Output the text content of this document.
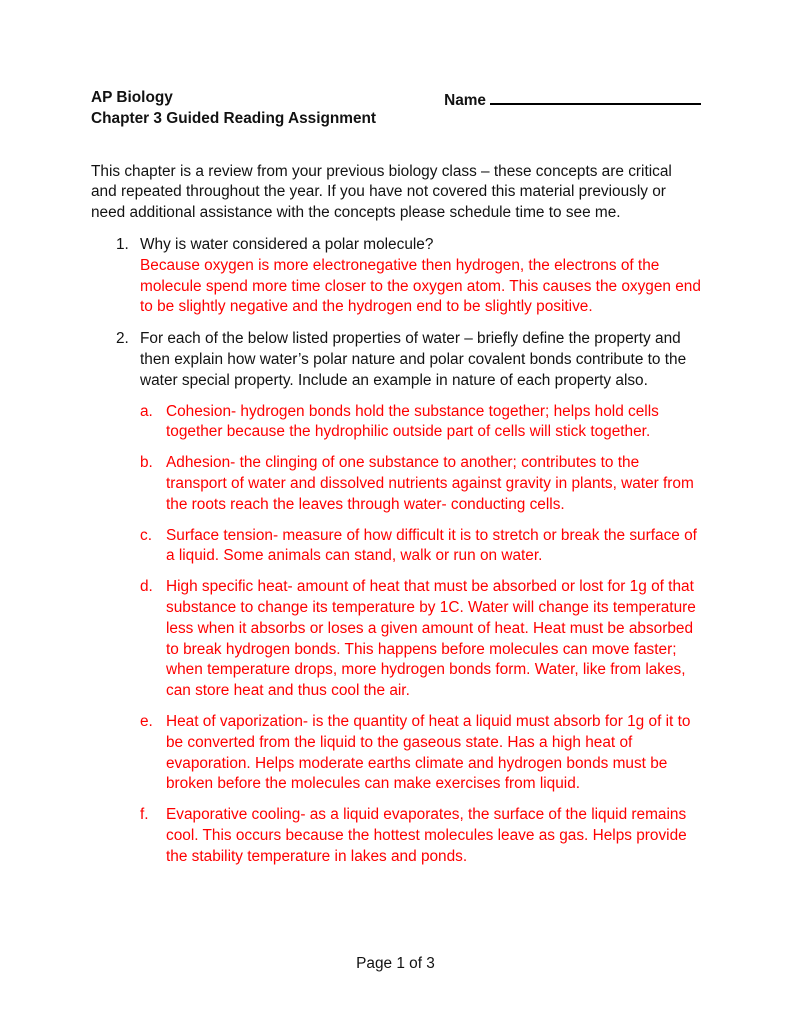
AP Biology
Chapter 3 Guided Reading Assignment
Name
This chapter is a review from your previous biology class – these concepts are critical and repeated throughout the year. If you have not covered this material previously or need additional assistance with the concepts please schedule time to see me.
1. Why is water considered a polar molecule?
Because oxygen is more electronegative then hydrogen, the electrons of the molecule spend more time closer to the oxygen atom. This causes the oxygen end to be slightly negative and the hydrogen end to be slightly positive.
2. For each of the below listed properties of water – briefly define the property and then explain how water’s polar nature and polar covalent bonds contribute to the water special property. Include an example in nature of each property also.
a. Cohesion- hydrogen bonds hold the substance together; helps hold cells together because the hydrophilic outside part of cells will stick together.
b. Adhesion- the clinging of one substance to another; contributes to the transport of water and dissolved nutrients against gravity in plants, water from the roots reach the leaves through water- conducting cells.
c. Surface tension- measure of how difficult it is to stretch or break the surface of a liquid. Some animals can stand, walk or run on water.
d. High specific heat- amount of heat that must be absorbed or lost for 1g of that substance to change its temperature by 1C. Water will change its temperature less when it absorbs or loses a given amount of heat. Heat must be absorbed to break hydrogen bonds. This happens before molecules can move faster; when temperature drops, more hydrogen bonds form. Water, like from lakes, can store heat and thus cool the air.
e. Heat of vaporization- is the quantity of heat a liquid must absorb for 1g of it to be converted from the liquid to the gaseous state. Has a high heat of evaporation. Helps moderate earths climate and hydrogen bonds must be broken before the molecules can make exercises from liquid.
f.	Evaporative cooling- as a liquid evaporates, the surface of the liquid remains cool. This occurs because the hottest molecules leave as gas. Helps provide the stability temperature in lakes and ponds.
Page 1 of 3
